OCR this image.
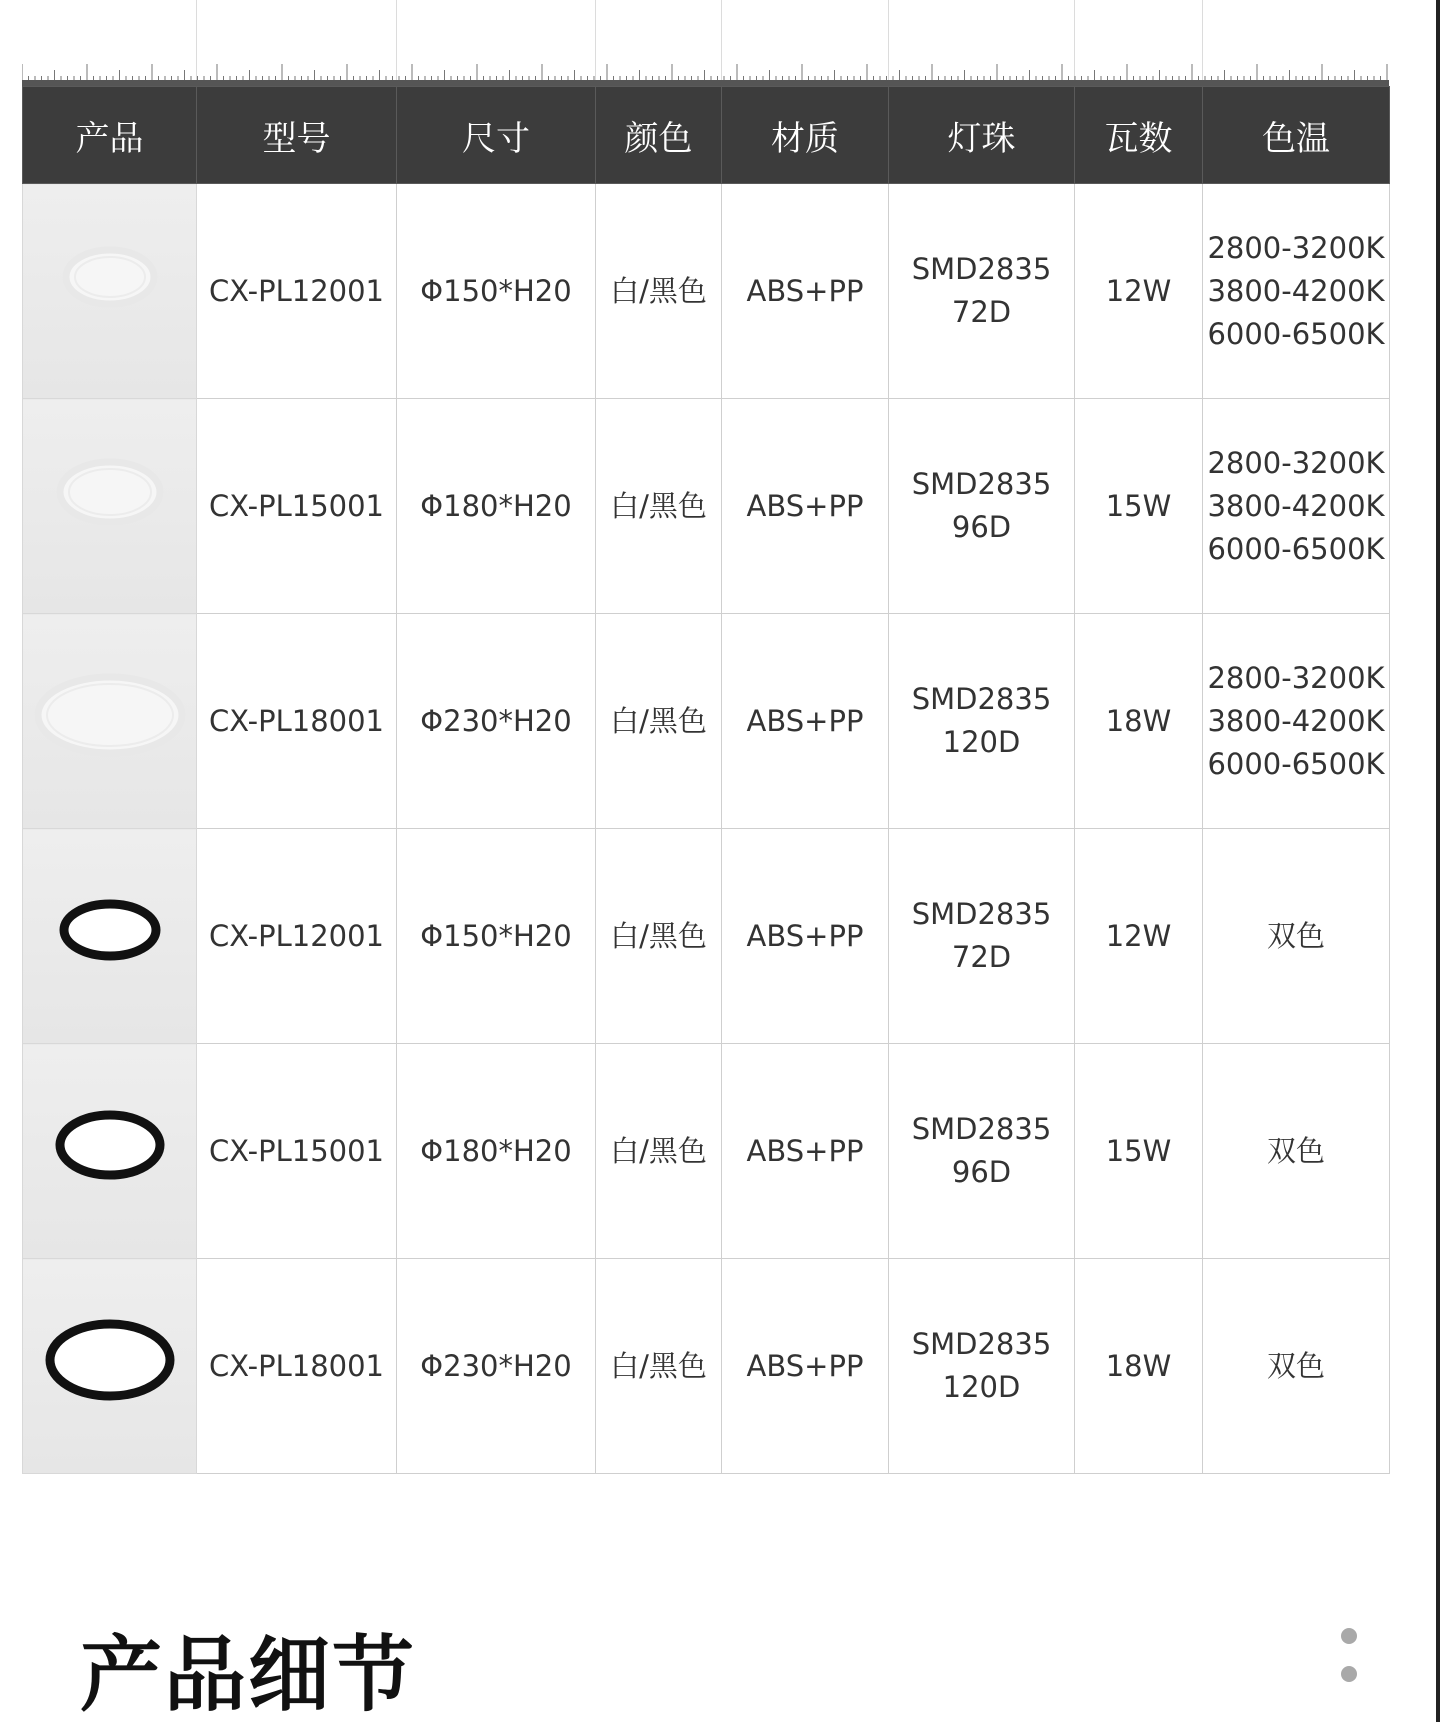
产品	型号	尺寸	颜色	材质	灯珠	瓦数	色温
	CX-PL12001	Φ150*H20	白/黑色	ABS+PP	SMD2835
72D	12W	2800-3200K
3800-4200K
6000-6500K

	CX-PL15001	Φ180*H20	白/黑色	ABS+PP	SMD2835
96D	15W	2800-3200K
3800-4200K
6000-6500K

	CX-PL18001	Φ230*H20	白/黑色	ABS+PP	SMD2835
120D	18W	2800-3200K
3800-4200K
6000-6500K

	CX-PL12001	Φ150*H20	白/黑色	ABS+PP	SMD2835
72D	12W	双色

	CX-PL15001	Φ180*H20	白/黑色	ABS+PP	SMD2835
96D	15W	双色

	CX-PL18001	Φ230*H20	白/黑色	ABS+PP	SMD2835
120D	18W	双色
产品细节
